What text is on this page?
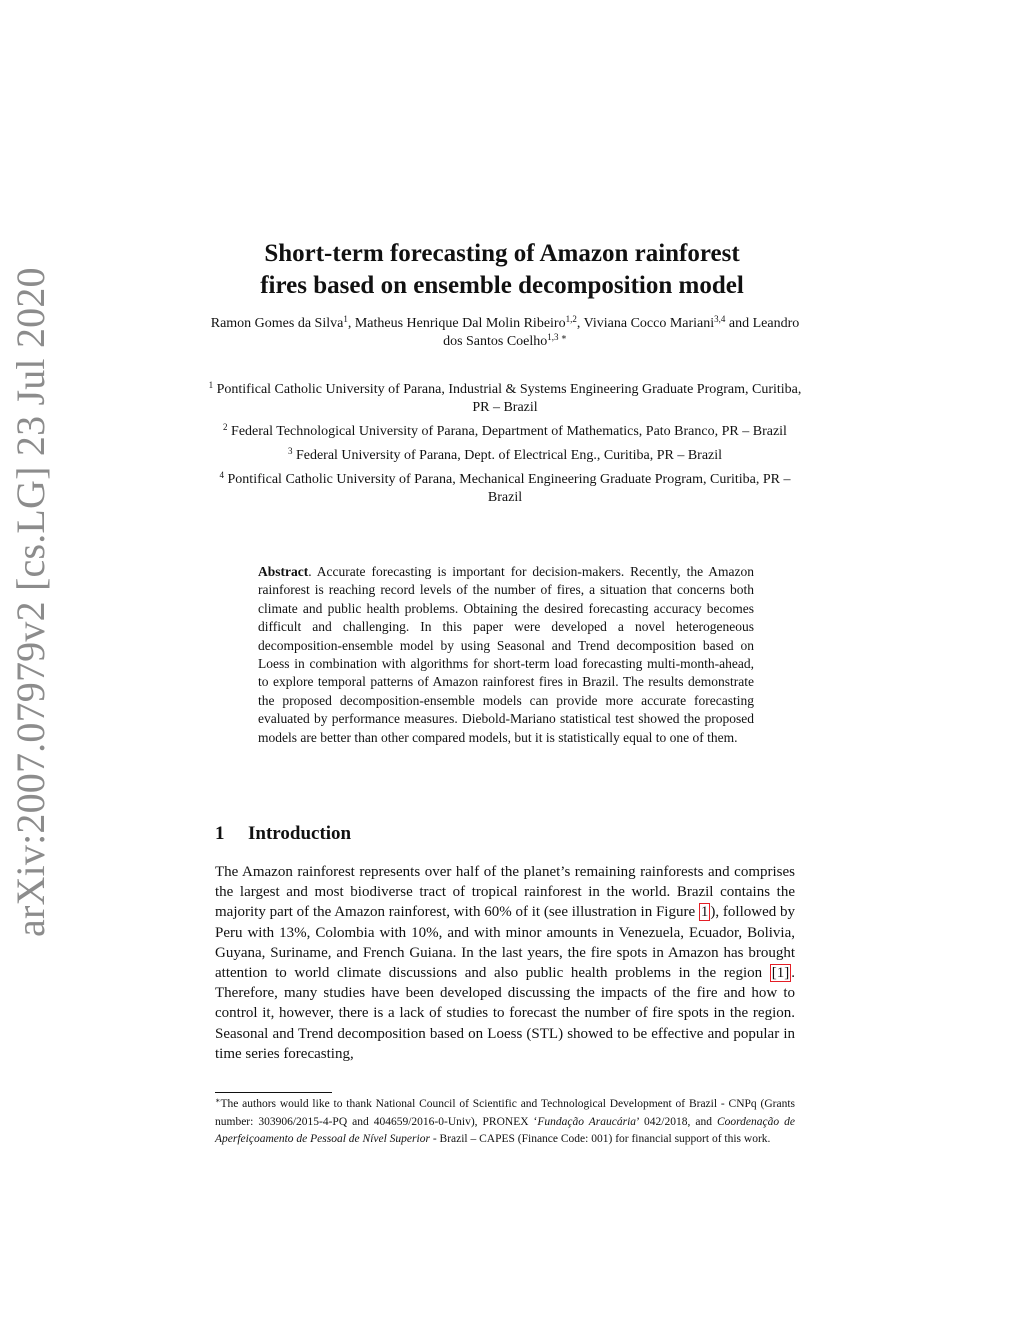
arXiv:2007.07979v2 [cs.LG] 23 Jul 2020
Short-term forecasting of Amazon rainforest
fires based on ensemble decomposition model
Ramon Gomes da Silva$^1$, Matheus Henrique Dal Molin Ribeiro$^{1,2}$, Viviana Cocco Mariani$^{3,4}$ and Leandro dos Santos Coelho$^{1,3}$ ∗
$^1$ Pontifical Catholic University of Parana, Industrial & Systems Engineering Graduate Program, Curitiba, PR – Brazil
$^2$ Federal Technological University of Parana, Department of Mathematics, Pato Branco, PR – Brazil
$^3$ Federal University of Parana, Dept. of Electrical Eng., Curitiba, PR – Brazil
$^4$ Pontifical Catholic University of Parana, Mechanical Engineering Graduate Program, Curitiba, PR – Brazil
Abstract. Accurate forecasting is important for decision-makers. Recently, the Amazon rainforest is reaching record levels of the number of fires, a situation that concerns both climate and public health problems. Obtaining the desired forecasting accuracy becomes difficult and challenging. In this paper were developed a novel heterogeneous decomposition-ensemble model by using Seasonal and Trend decomposition based on Loess in combination with algorithms for short-term load forecasting multi-month-ahead, to explore temporal patterns of Amazon rainforest fires in Brazil. The results demonstrate the proposed decomposition-ensemble models can provide more accurate forecasting evaluated by performance measures. Diebold-Mariano statistical test showed the proposed models are better than other compared models, but it is statistically equal to one of them.
1 Introduction
The Amazon rainforest represents over half of the planet’s remaining rainforests and comprises the largest and most biodiverse tract of tropical rainforest in the world. Brazil contains the majority part of the Amazon rainforest, with 60% of it (see illustration in Figure 1 ), followed by Peru with 13%, Colombia with 10%, and with minor amounts in Venezuela, Ecuador, Bolivia, Guyana, Suriname, and French Guiana. In the last years, the fire spots in Amazon has brought attention to world climate discussions and also public health problems in the region [1] . Therefore, many studies have been developed discussing the impacts of the fire and how to control it, however, there is a lack of studies to forecast the number of fire spots in the region. Seasonal and Trend decomposition based on Loess (STL) showed to be effective and popular in time series forecasting,
∗The authors would like to thank National Council of Scientific and Technological Development of Brazil - CNPq (Grants number: 303906/2015-4-PQ and 404659/2016-0-Univ), PRONEX ‘Fundação Araucária’ 042/2018, and Coordenação de Aperfeiçoamento de Pessoal de Nível Superior - Brazil – CAPES (Finance Code: 001) for financial support of this work.
